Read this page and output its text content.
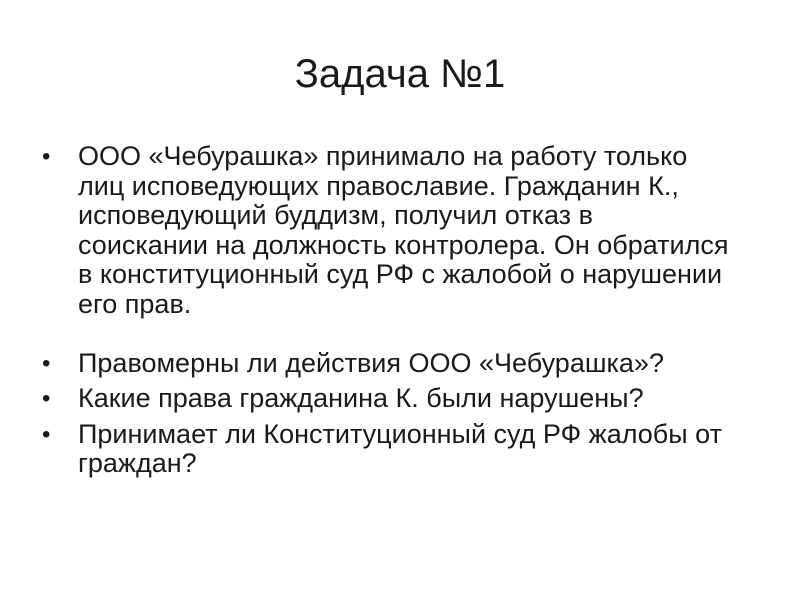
Задача №1
•	ООО «Чебурашка» принимало на работу только лиц исповедующих православие. Гражданин К., исповедующий буддизм, получил отказ в соискании на должность контролера. Он обратился в конституционный суд РФ с жалобой о нарушении его прав.
•	Правомерны ли действия ООО «Чебурашка»?
•	Какие права гражданина К. были нарушены?
•	Принимает ли Конституционный суд РФ жалобы от граждан?
